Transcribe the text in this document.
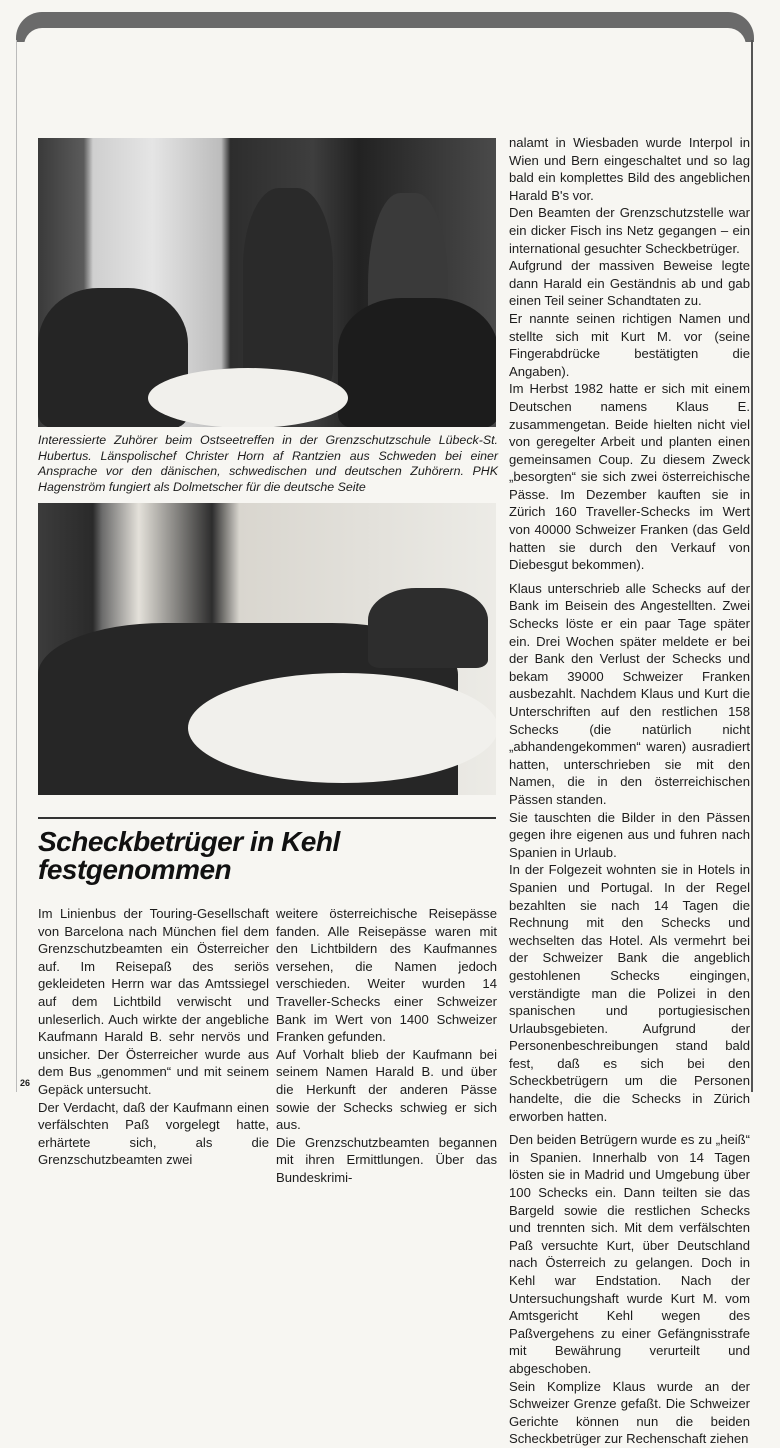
Interessierte Zuhörer beim Ostseetreffen in der Grenzschutzschule Lübeck-St. Hubertus. Länspolischef Christer Horn af Rantzien aus Schweden bei einer Ansprache vor den dänischen, schwedischen und deutschen Zuhörern. PHK Hagenström fungiert als Dolmetscher für die deutsche Seite
Scheckbetrüger in Kehl
festgenommen

Im Linienbus der Touring-Gesellschaft von Barcelona nach München fiel dem Grenzschutzbeamten ein Österreicher auf. Im Reisepaß des seriös gekleideten Herrn war das Amtssiegel auf dem Lichtbild verwischt und unleserlich. Auch wirkte der angebliche Kaufmann Harald B. sehr nervös und unsicher. Der Österreicher wurde aus dem Bus „genommen“ und mit seinem Gepäck untersucht.

Der Verdacht, daß der Kaufmann einen verfälschten Paß vorgelegt hatte, erhärtete sich, als die Grenzschutzbeamten zwei

weitere österreichische Reisepässe fanden. Alle Reisepässe waren mit den Lichtbildern des Kaufmannes versehen, die Namen jedoch verschieden. Weiter wurden 14 Traveller-Schecks einer Schweizer Bank im Wert von 1400 Schweizer Franken gefunden.

Auf Vorhalt blieb der Kaufmann bei seinem Namen Harald B. und über die Herkunft der anderen Pässe sowie der Schecks schwieg er sich aus.

Die Grenzschutzbeamten begannen mit ihren Ermittlungen. Über das Bundeskrimi-

nalamt in Wiesbaden wurde Interpol in Wien und Bern eingeschaltet und so lag bald ein komplettes Bild des angeblichen Harald B's vor.

Den Beamten der Grenzschutzstelle war ein dicker Fisch ins Netz gegangen – ein international gesuchter Scheckbetrüger.

Aufgrund der massiven Beweise legte dann Harald ein Geständnis ab und gab einen Teil seiner Schandtaten zu.

Er nannte seinen richtigen Namen und stellte sich mit Kurt M. vor (seine Fingerabdrücke bestätigten die Angaben).

Im Herbst 1982 hatte er sich mit einem Deutschen namens Klaus E. zusammengetan. Beide hielten nicht viel von geregelter Arbeit und planten einen gemeinsamen Coup. Zu diesem Zweck „besorgten“ sie sich zwei österreichische Pässe. Im Dezember kauften sie in Zürich 160 Traveller-Schecks im Wert von 40000 Schweizer Franken (das Geld hatten sie durch den Verkauf von Diebesgut bekommen).

Klaus unterschrieb alle Schecks auf der Bank im Beisein des Angestellten. Zwei Schecks löste er ein paar Tage später ein. Drei Wochen später meldete er bei der Bank den Verlust der Schecks und bekam 39000 Schweizer Franken ausbezahlt. Nachdem Klaus und Kurt die Unterschriften auf den restlichen 158 Schecks (die natürlich nicht „abhandengekommen“ waren) ausradiert hatten, unterschrieben sie mit den Namen, die in den österreichischen Pässen standen.

Sie tauschten die Bilder in den Pässen gegen ihre eigenen aus und fuhren nach Spanien in Urlaub.

In der Folgezeit wohnten sie in Hotels in Spanien und Portugal. In der Regel bezahlten sie nach 14 Tagen die Rechnung mit den Schecks und wechselten das Hotel. Als vermehrt bei der Schweizer Bank die angeblich gestohlenen Schecks eingingen, verständigte man die Polizei in den spanischen und portugiesischen Urlaubsgebieten. Aufgrund der Personenbeschreibungen stand bald fest, daß es sich bei den Scheckbetrügern um die Personen handelte, die die Schecks in Zürich erworben hatten.

Den beiden Betrügern wurde es zu „heiß“ in Spanien. Innerhalb von 14 Tagen lösten sie in Madrid und Umgebung über 100 Schecks ein. Dann teilten sie das Bargeld sowie die restlichen Schecks und trennten sich. Mit dem verfälschten Paß versuchte Kurt, über Deutschland nach Österreich zu gelangen. Doch in Kehl war Endstation. Nach der Untersuchungshaft wurde Kurt M. vom Amtsgericht Kehl wegen des Paßvergehens zu einer Gefängnisstrafe mit Bewährung verurteilt und abgeschoben.

Sein Komplize Klaus wurde an der Schweizer Grenze gefaßt. Die Schweizer Gerichte können nun die beiden Scheckbetrüger zur Rechenschaft ziehen

26
